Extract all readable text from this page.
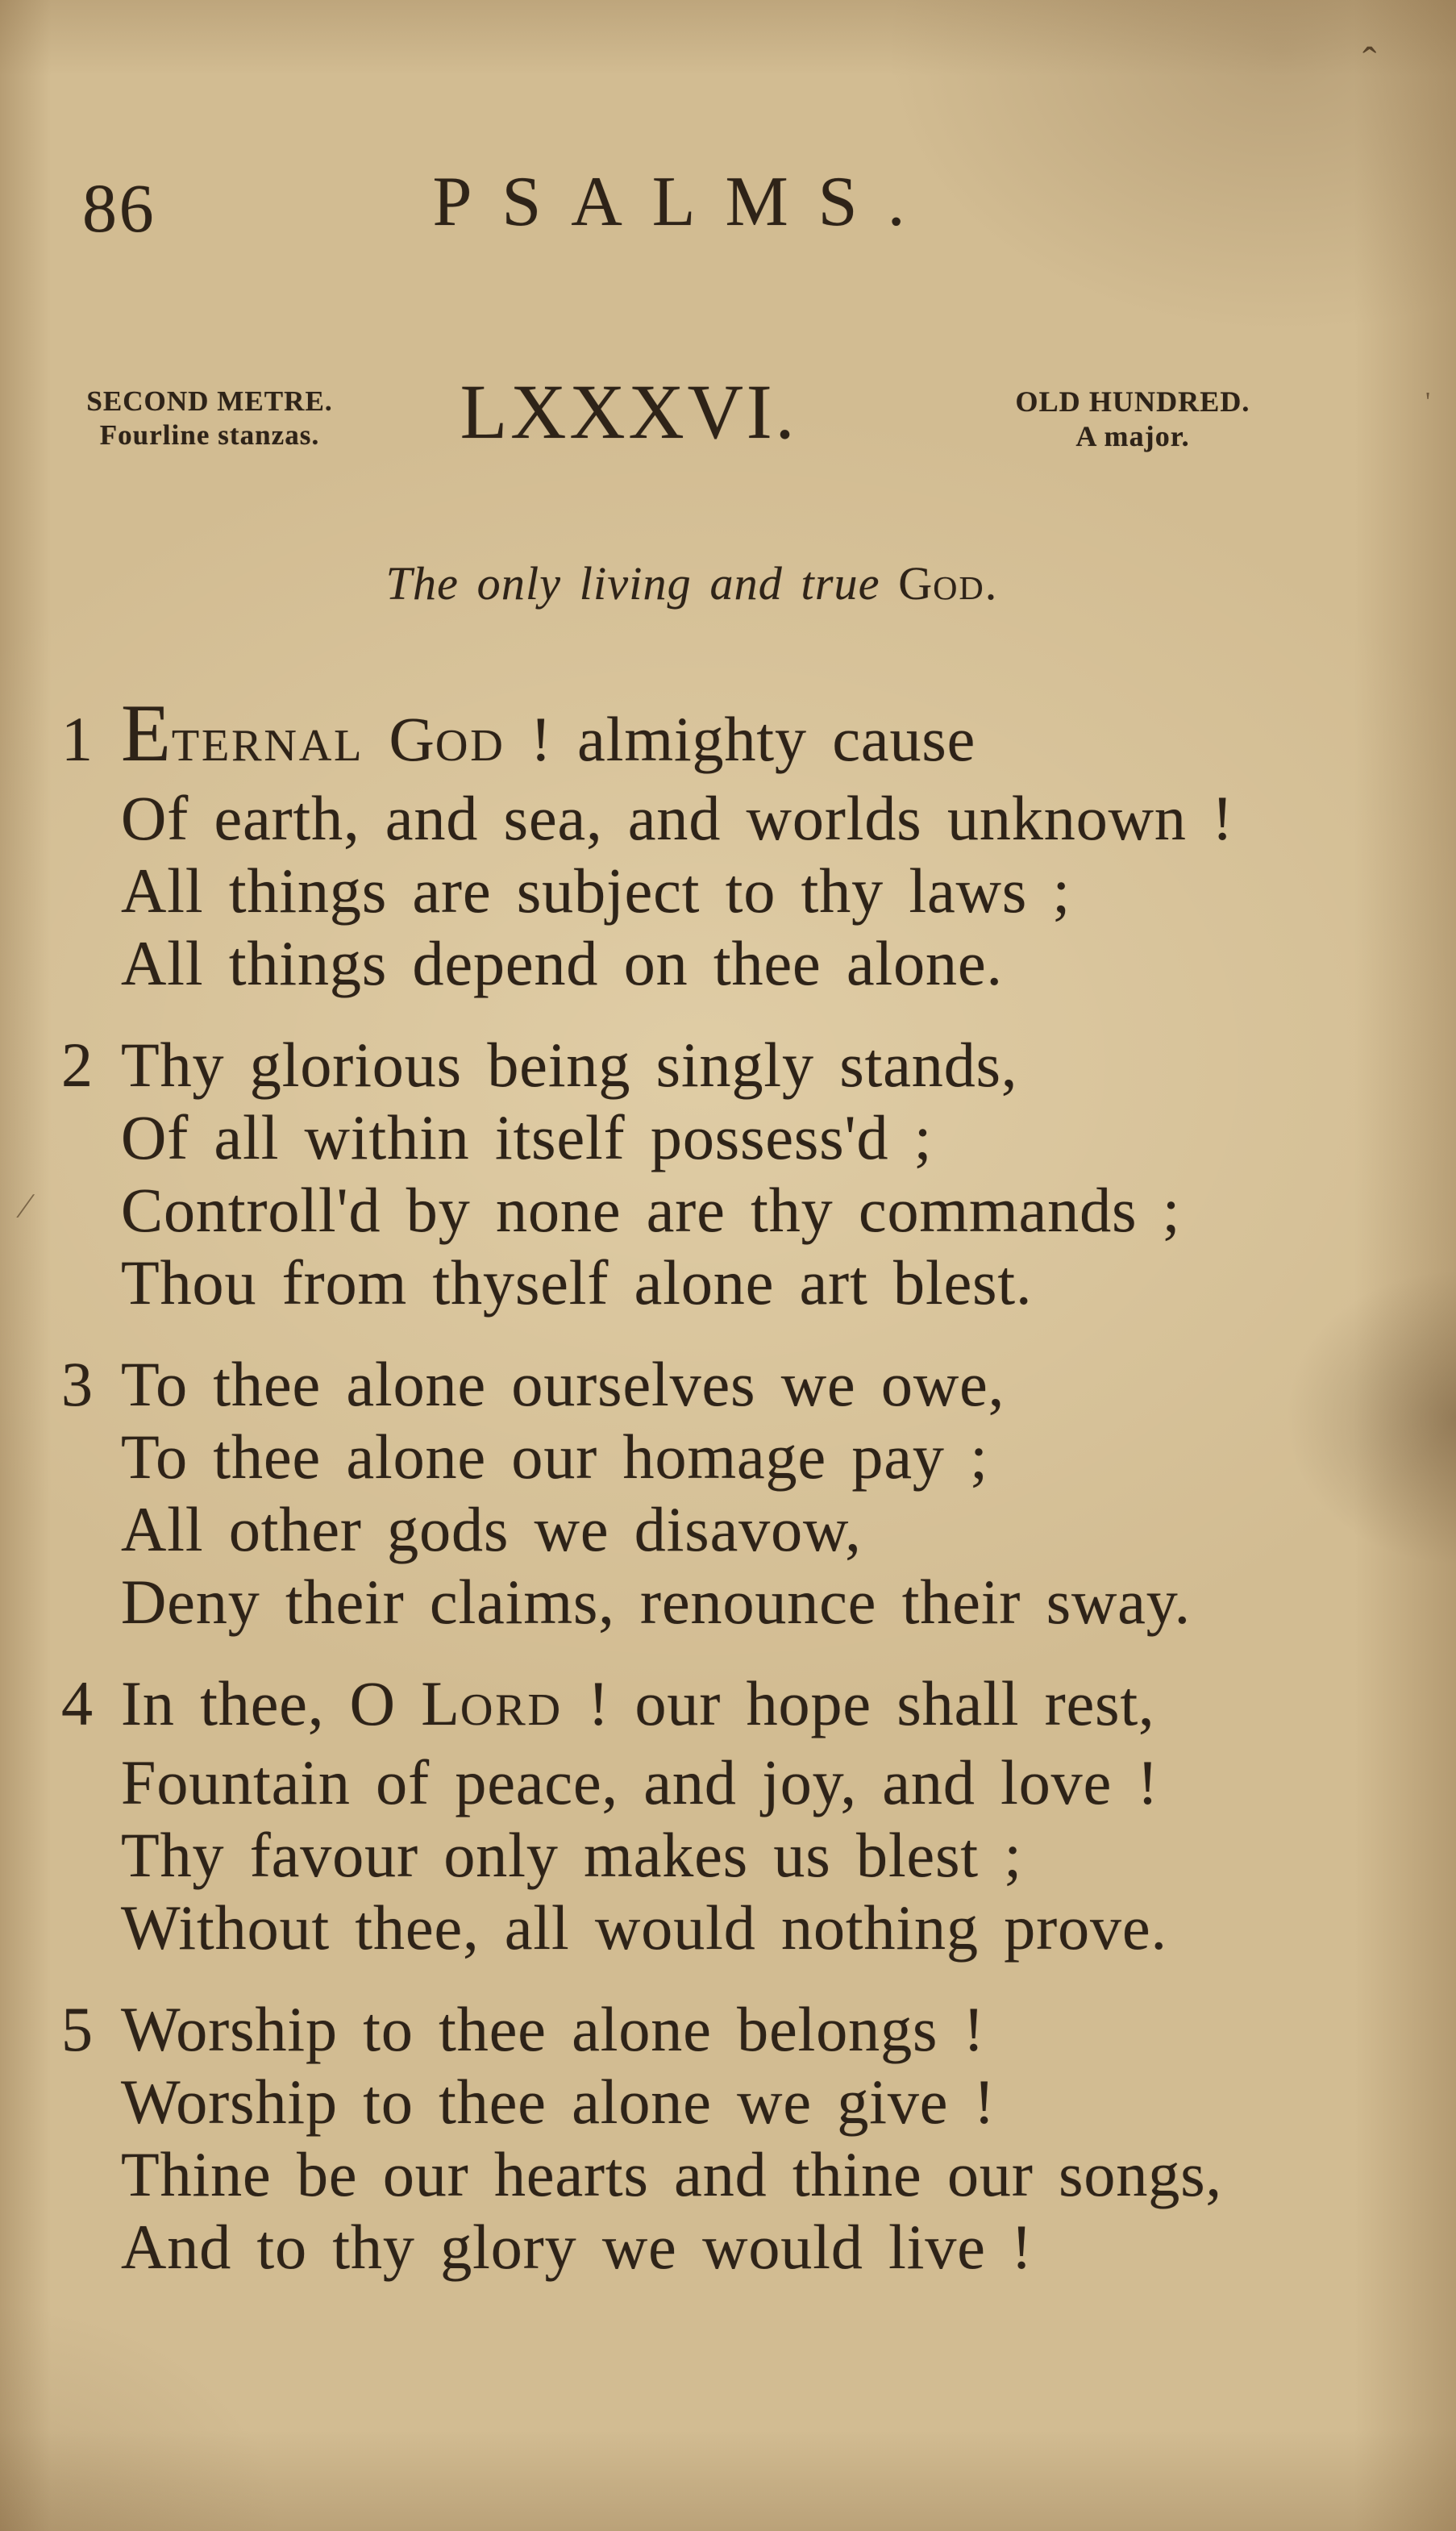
86	PSALMS.
SECOND METRE.
Fourline stanzas.	LXXXVI.	OLD HUNDRED.
A major.
The only living and true GOD.
1 ETERNAL GOD ! almighty cause
Of earth, and sea, and worlds unknown !
All things are subject to thy laws ;
All things depend on thee alone.
2 Thy glorious being singly stands,
Of all within itself possess'd ;
Controll'd by none are thy commands ;
Thou from thyself alone art blest.
3 To thee alone ourselves we owe,
To thee alone our homage pay ;
All other gods we disavow,
Deny their claims, renounce their sway.
4 In thee, O LORD ! our hope shall rest,
Fountain of peace, and joy, and love !
Thy favour only makes us blest ;
Without thee, all would nothing prove.
5 Worship to thee alone belongs !
Worship to thee alone we give !
Thine be our hearts and thine our songs,
And to thy glory we would live !
ˆ
∕
'
